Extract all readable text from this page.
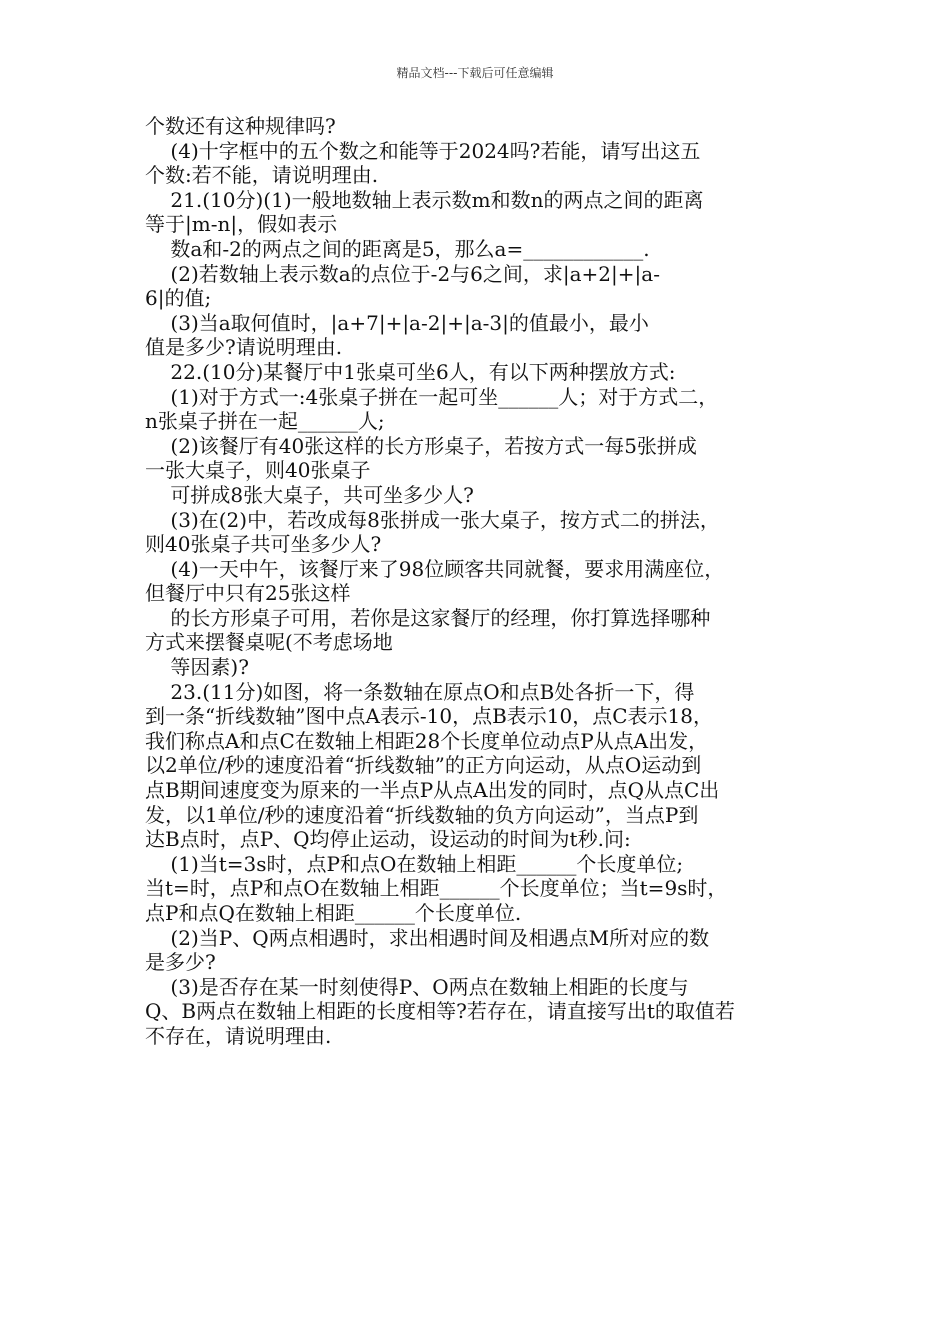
精品文档---下载后可任意编辑
个数还有这种规律吗?
(4)十字框中的五个数之和能等于2024吗?若能，请写出这五
个数:若不能，请说明理由.
21.(10分)(1)一般地数轴上表示数m和数n的两点之间的距离
等于|m-n|，假如表示
数a和-2的两点之间的距离是5，那么a=____________.
(2)若数轴上表示数a的点位于-2与6之间，求|a+2|+|a-
6|的值;
(3)当a取何值时，|a+7|+|a-2|+|a-3|的值最小，最小
值是多少?请说明理由.
22.(10分)某餐厅中1张桌可坐6人，有以下两种摆放方式:
(1)对于方式一:4张桌子拼在一起可坐______人；对于方式二，
n张桌子拼在一起______人;
(2)该餐厅有40张这样的长方形桌子，若按方式一每5张拼成
一张大桌子，则40张桌子
可拼成8张大桌子，共可坐多少人?
(3)在(2)中，若改成每8张拼成一张大桌子，按方式二的拼法，
则40张桌子共可坐多少人?
(4)一天中午，该餐厅来了98位顾客共同就餐，要求用满座位，
但餐厅中只有25张这样
的长方形桌子可用，若你是这家餐厅的经理，你打算选择哪种
方式来摆餐桌呢(不考虑场地
等因素)?
23.(11分)如图，将一条数轴在原点O和点B处各折一下，得
到一条“折线数轴”图中点A表示-10，点B表示10，点C表示18，
我们称点A和点C在数轴上相距28个长度单位动点P从点A出发，
以2单位/秒的速度沿着“折线数轴”的正方向运动，从点O运动到
点B期间速度变为原来的一半点P从点A出发的同时，点Q从点C出
发，以1单位/秒的速度沿着“折线数轴的负方向运动”，当点P到
达B点时，点P、Q均停止运动，设运动的时间为t秒.问:
(1)当t=3s时，点P和点O在数轴上相距______个长度单位;
当t=时，点P和点O在数轴上相距______个长度单位；当t=9s时，
点P和点Q在数轴上相距______个长度单位.
(2)当P、Q两点相遇时，求出相遇时间及相遇点M所对应的数
是多少?
(3)是否存在某一时刻使得P、O两点在数轴上相距的长度与
Q、B两点在数轴上相距的长度相等?若存在，请直接写出t的取值若
不存在，请说明理由.
